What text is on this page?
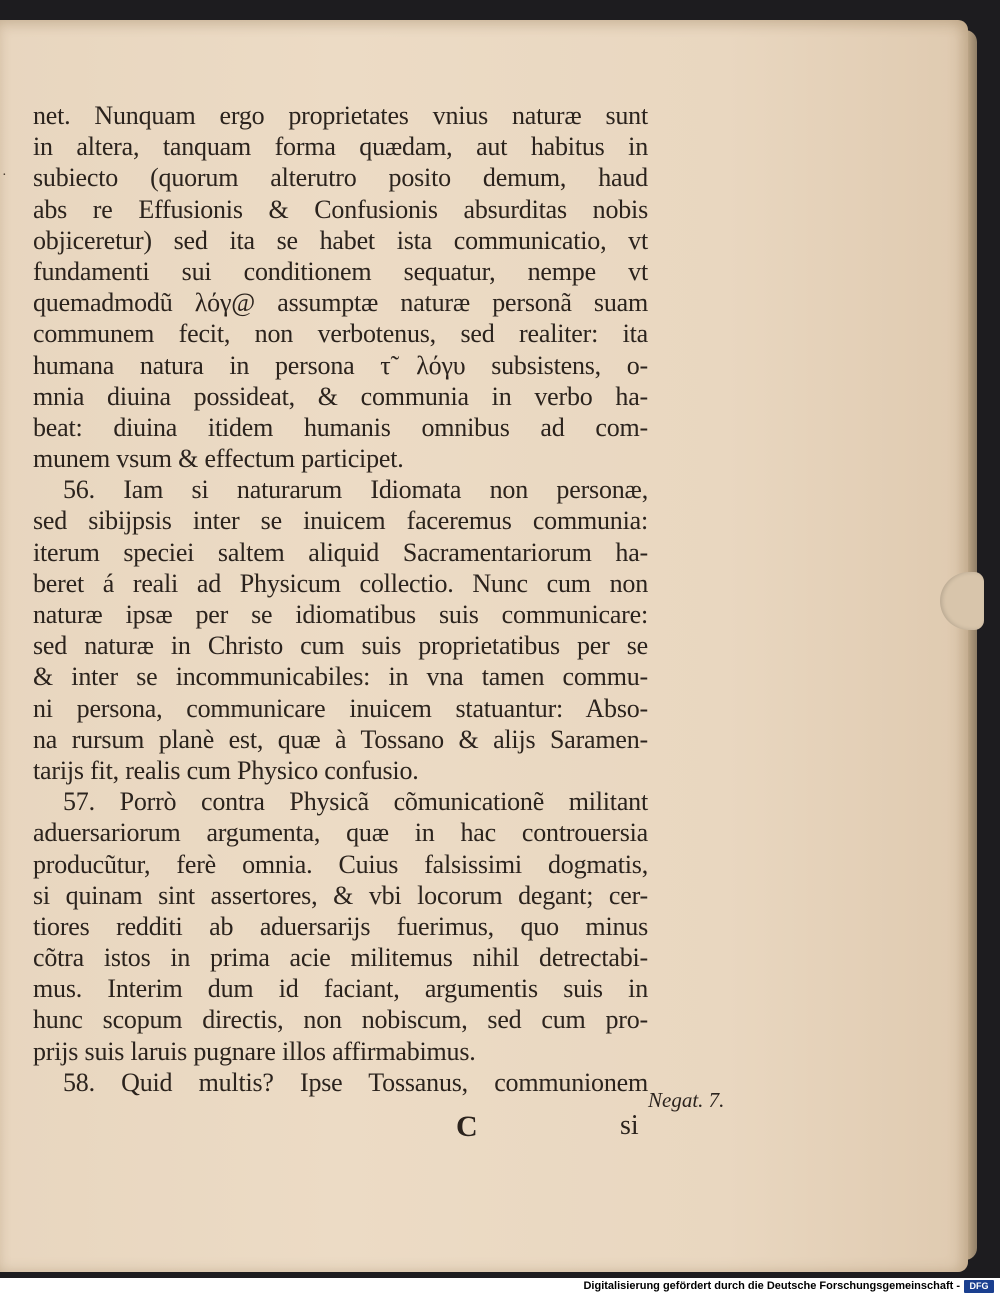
·
net. Nunquam ergo proprietates vnius naturæ sunt
in altera, tanquam forma quædam, aut habitus in
subiecto (quorum alterutro posito demum, haud
abs re Effusionis & Confusionis absurditas nobis
objiceretur) sed ita se habet ista communicatio, vt
fundamenti sui conditionem sequatur, nempe vt
quemadmodũ λόγ@ assumptæ naturæ personã suam
communem fecit, non verbotenus, sed realiter: ita
humana natura in persona τ̃ λόγυ subsistens, o-
mnia diuina possideat, & communia in verbo ha-
beat: diuina itidem humanis omnibus ad com-
munem vsum & effectum participet.
56. Iam si naturarum Idiomata non personæ,
sed sibijpsis inter se inuicem faceremus communia:
iterum speciei saltem aliquid Sacramentariorum ha-
beret á reali ad Physicum collectio. Nunc cum non
naturæ ipsæ per se idiomatibus suis communicare:
sed naturæ in Christo cum suis proprietatibus per se
& inter se incommunicabiles: in vna tamen commu-
ni persona, communicare inuicem statuantur: Abso-
na rursum planè est, quæ à Tossano & alijs Saramen-
tarijs fit, realis cum Physico confusio.
57. Porrò contra Physicã cõmunicationẽ militant
aduersariorum argumenta, quæ in hac controuersia
producũtur, ferè omnia. Cuius falsissimi dogmatis,
si quinam sint assertores, & vbi locorum degant; cer-
tiores redditi ab aduersarijs fuerimus, quo minus
cõtra istos in prima acie militemus nihil detrectabi-
mus. Interim dum id faciant, argumentis suis in
hunc scopum directis, non nobiscum, sed cum pro-
prijs suis laruis pugnare illos affirmabimus.
58. Quid multis? Ipse Tossanus, communionem
Negat. 7.
C	si
Digitalisierung gefördert durch die Deutsche Forschungsgemeinschaft -	DFG
